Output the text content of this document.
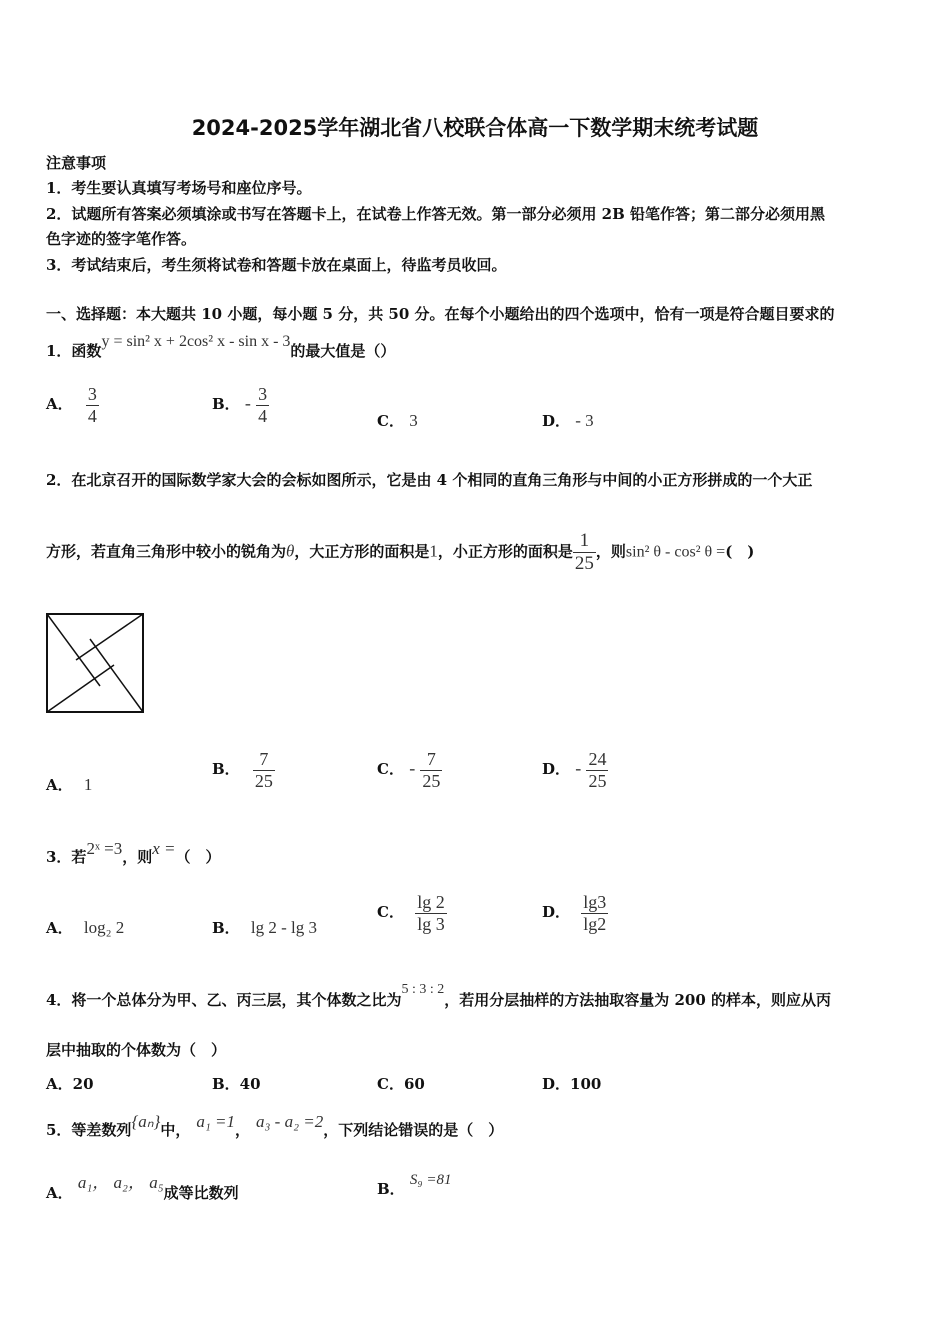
2024-2025学年湖北省八校联合体高一下数学期末统考试题
注意事项
1．考生要认真填写考场号和座位序号。
2．试题所有答案必须填涂或书写在答题卡上，在试卷上作答无效。第一部分必须用 2B 铅笔作答；第二部分必须用黑
色字迹的签字笔作答。
3．考试结束后，考生须将试卷和答题卡放在桌面上，待监考员收回。
一、选择题：本大题共 10 小题，每小题 5 分，共 50 分。在每个小题给出的四个选项中，恰有一项是符合题目要求的
1．函数y = sin² x + 2cos² x - sin x - 3的最大值是（）
A． $\frac{3}{4}$	B． - $\frac{3}{4}$	C． 3	D． - 3
2．在北京召开的国际数学家大会的会标如图所示，它是由 4 个相同的直角三角形与中间的小正方形拼成的一个大正
方形，若直角三角形中较小的锐角为θ，大正方形的面积是1，小正方形的面积是 $\frac{1}{25}$ ，则sin² θ - cos² θ =(　)
A． 1
B． $\frac{7}{25}$	C． - $\frac{7}{25}$	D． - $\frac{24}{25}$
3．若2ˣ =3，则x =（　）
A． log₂ 2	B． lg 2 - lg 3
C． $\frac{\lg 2}{\lg 3}$	D． $\frac{\lg 3}{\lg 2}$
4．将一个总体分为甲、乙、丙三层，其个体数之比为5 : 3 : 2，若用分层抽样的方法抽取容量为 200 的样本，则应从丙
层中抽取的个体数为（　）
A．20	B．40	C．60	D．100
5．等差数列{aₙ}中， a₁ =1， a₃ - a₂ =2，下列结论错误的是（　）
A． a₁， a₂， a₅成等比数列	B． S₉ =81
